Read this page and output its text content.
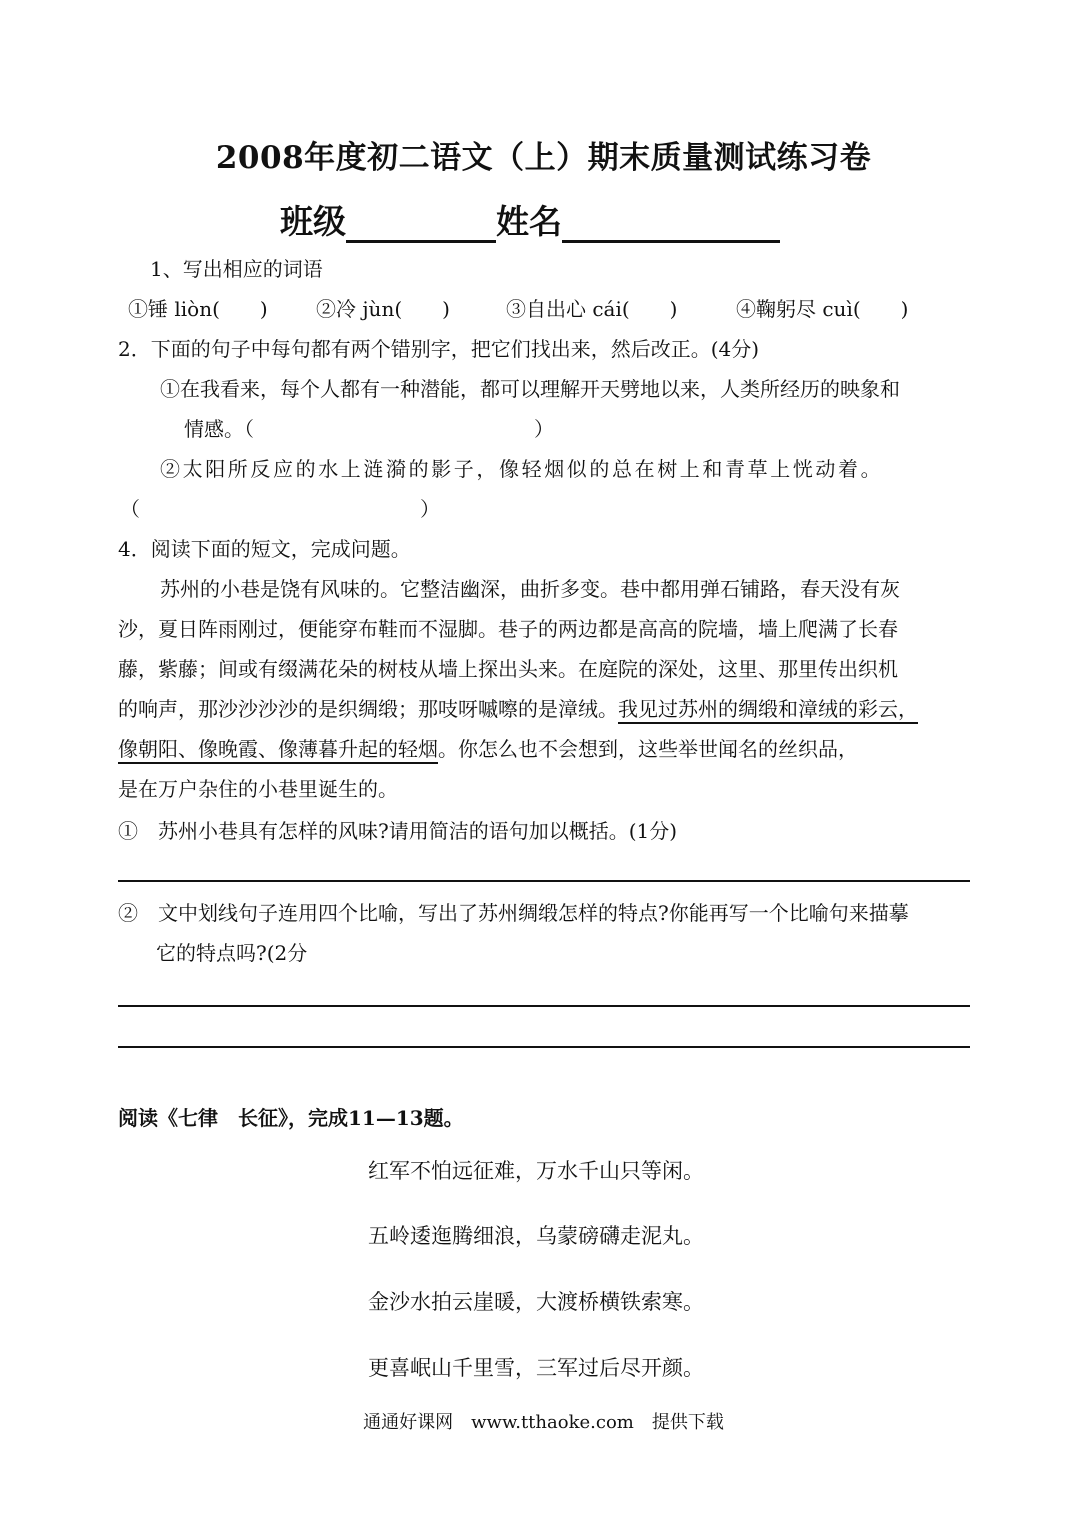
2008年度初二语文（上）期末质量测试练习卷
班级	姓名
1、写出相应的词语
①锤 liòn(　　) ②冷 jùn(　　)	③自出心 cái(　　)	④鞠躬尽 cuì(　　)
2．下面的句子中每句都有两个错别字，把它们找出来，然后改正。(4分)
①在我看来，每个人都有一种潜能，都可以理解开天劈地以来，人类所经历的映象和
情感。（　　　　　　　　　　　　　　）
②太阳所反应的水上涟漪的影子，像轻烟似的总在树上和青草上恍动着。
（　　　　　　　　　　　　　　）
4．阅读下面的短文，完成问题。
苏州的小巷是饶有风味的。它整洁幽深，曲折多变。巷中都用弹石铺路，春天没有灰
沙，夏日阵雨刚过，便能穿布鞋而不湿脚。巷子的两边都是高高的院墙，墙上爬满了长春
藤，紫藤；间或有缀满花朵的树枝从墙上探出头来。在庭院的深处，这里、那里传出织机
的响声，那沙沙沙沙的是织绸缎；那吱呀嘁嚓的是漳绒。我见过苏州的绸缎和漳绒的彩云，
像朝阳、像晚霞、像薄暮升起的轻烟。你怎么也不会想到，这些举世闻名的丝织品，
是在万户杂住的小巷里诞生的。
①　苏州小巷具有怎样的风味?请用简洁的语句加以概括。(1分)
②　文中划线句子连用四个比喻，写出了苏州绸缎怎样的特点?你能再写一个比喻句来描摹
它的特点吗?(2分
阅读《七律　长征》，完成11—13题。
红军不怕远征难，万水千山只等闲。
五岭逶迤腾细浪，乌蒙磅礴走泥丸。
金沙水拍云崖暖，大渡桥横铁索寒。
更喜岷山千里雪，三军过后尽开颜。
通通好课网　www.tthaoke.com　提供下载
